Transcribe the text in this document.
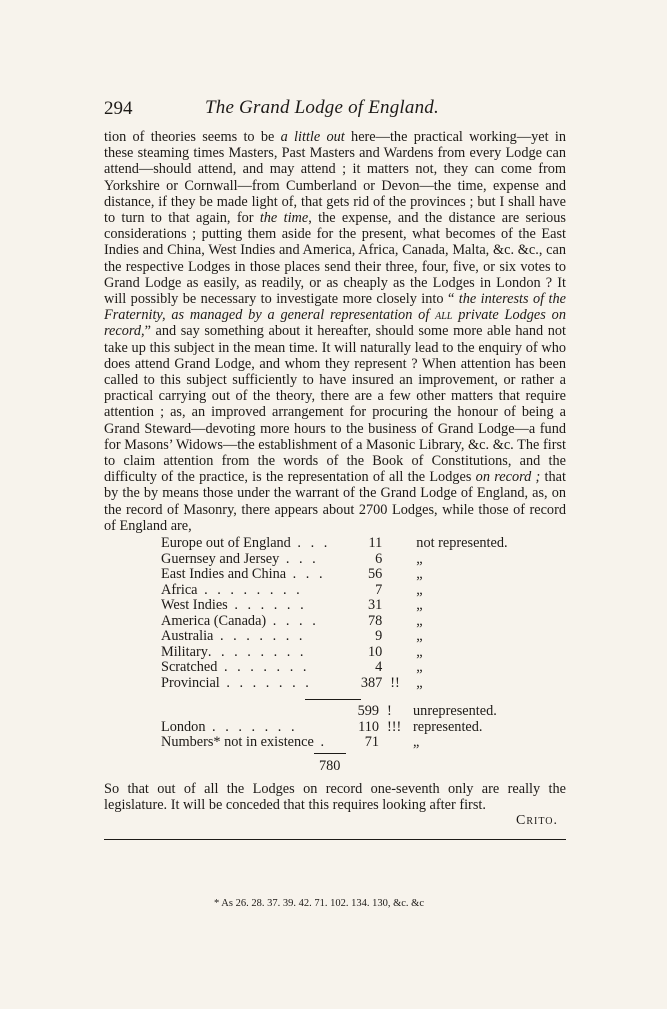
294	The Grand Lodge of England.
tion of theories seems to be a little out here—the practical working—yet in these steaming times Masters, Past Masters and Wardens from every Lodge can attend—should attend, and may attend ; it matters not, they can come from Yorkshire or Cornwall—from Cumberland or Devon—the time, expense and distance, if they be made light of, that gets rid of the provinces ; but I shall have to turn to that again, for the time, the expense, and the distance are serious considerations ; putting them aside for the present, what becomes of the East Indies and China, West Indies and America, Africa, Canada, Malta, &c. &c., can the respective Lodges in those places send their three, four, five, or six votes to Grand Lodge as easily, as readily, or as cheaply as the Lodges in London ? It will possibly be necessary to investigate more closely into “ the interests of the Fraternity, as managed by a general representation of all private Lodges on record,” and say something about it hereafter, should some more able hand not take up this subject in the mean time. It will naturally lead to the enquiry of who does attend Grand Lodge, and whom they represent ? When attention has been called to this subject sufficiently to have insured an improvement, or rather a practical carrying out of the theory, there are a few other matters that require attention ; as, an improved arrangement for procuring the honour of being a Grand Steward—devoting more hours to the business of Grand Lodge—a fund for Masons’ Widows—the establishment of a Masonic Library, &c. &c. The first to claim attention from the words of the Book of Constitutions, and the difficulty of the practice, is the representation of all the Lodges on record ; that by the by means those under the warrant of the Grand Lodge of England, as, on the record of Masonry, there appears about 2700 Lodges, while those of record of England are,
Europe out of England . . .	11		not represented.
Guernsey and Jersey . . .	6		„
East Indies and China . . .	56		„
Africa . . . . . . . .	7		„
West Indies . . . . . .	31		„
America (Canada) . . . .	78		„
Australia . . . . . . .	9		„
Military. . . . . . . .	10		„
Scratched . . . . . . .	4		„
Provincial . . . . . . .	387	!!	„
	599	!	unrepresented.
London . . . . . . .	110	!!!	represented.
Numbers* not in existence .	71		„
780
So that out of all the Lodges on record one-seventh only are really the legislature. It will be conceded that this requires looking after first.
Crito.
* As 26. 28. 37. 39. 42. 71. 102. 134. 130, &c. &c
